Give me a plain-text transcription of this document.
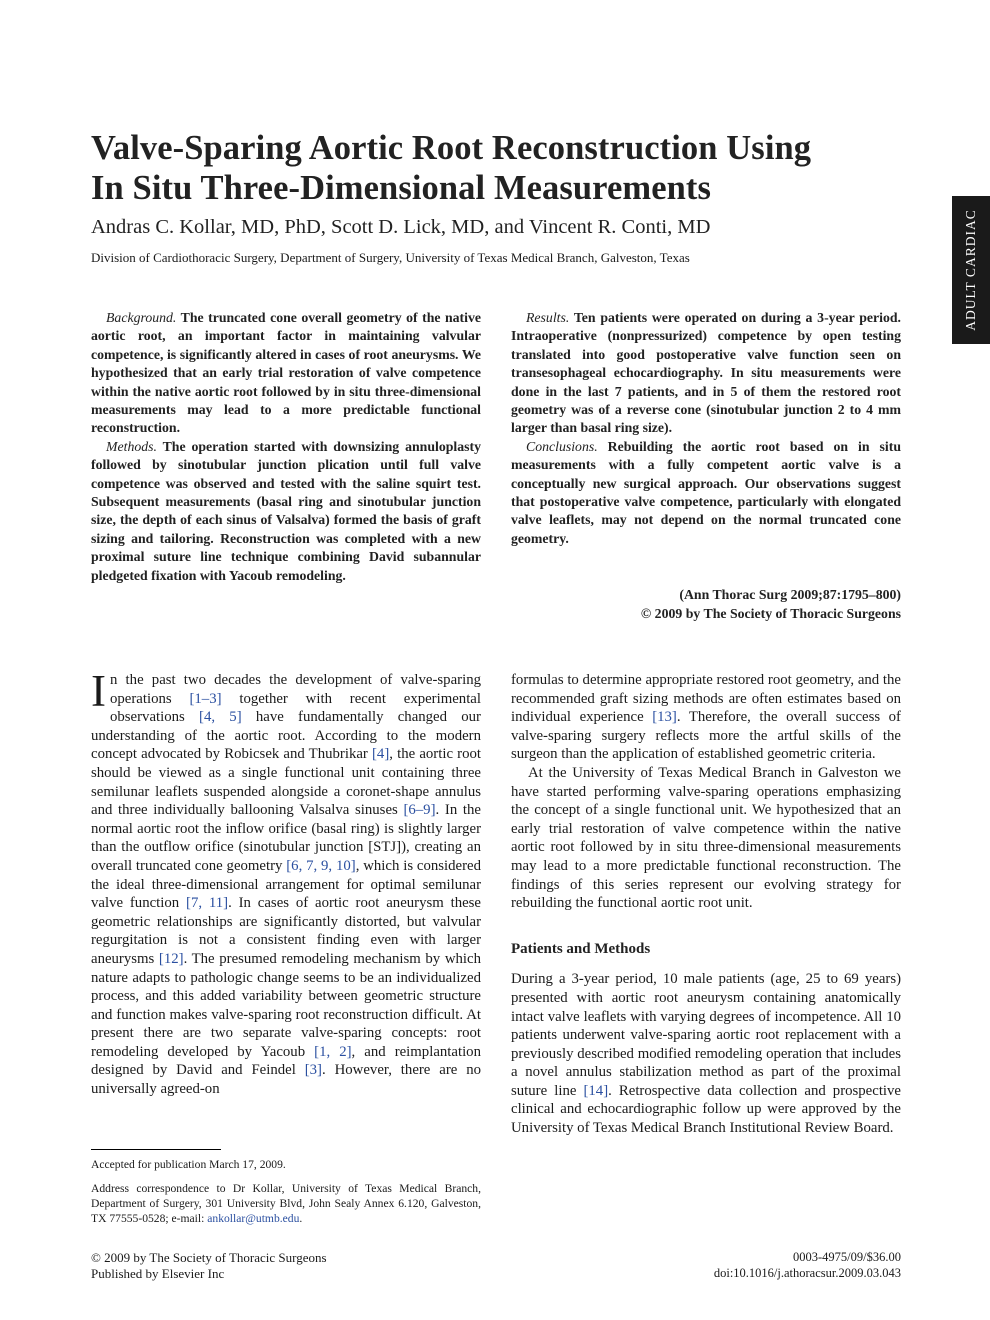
Valve-Sparing Aortic Root Reconstruction Using
In Situ Three-Dimensional Measurements
Andras C. Kollar, MD, PhD, Scott D. Lick, MD, and Vincent R. Conti, MD
Division of Cardiothoracic Surgery, Department of Surgery, University of Texas Medical Branch, Galveston, Texas	ADULT CARDIAC

Background. The truncated cone overall geometry of the native aortic root, an important factor in maintaining valvular competence, is significantly altered in cases of root aneurysms. We hypothesized that an early trial restoration of valve competence within the native aortic root followed by in situ three-dimensional measurements may lead to a more predictable functional reconstruction.

Methods. The operation started with downsizing annuloplasty followed by sinotubular junction plication until full valve competence was observed and tested with the saline squirt test. Subsequent measurements (basal ring and sinotubular junction size, the depth of each sinus of Valsalva) formed the basis of graft sizing and tailoring. Reconstruction was completed with a new proximal suture line technique combining David subannular pledgeted fixation with Yacoub remodeling.

Results. Ten patients were operated on during a 3-year period. Intraoperative (nonpressurized) competence by open testing translated into good postoperative valve function seen on transesophageal echocardiography. In situ measurements were done in the last 7 patients, and in 5 of them the restored root geometry was of a reverse cone (sinotubular junction 2 to 4 mm larger than basal ring size).

Conclusions. Rebuilding the aortic root based on in situ measurements with a fully competent aortic valve is a conceptually new surgical approach. Our observations suggest that postoperative valve competence, particularly with elongated valve leaflets, may not depend on the normal truncated cone geometry.

(Ann Thorac Surg 2009;87:1795–800)
© 2009 by The Society of Thoracic Surgeons

In the past two decades the development of valve-sparing operations [1–3] together with recent experimental observations [4, 5] have fundamentally changed our understanding of the aortic root. According to the modern concept advocated by Robicsek and Thubrikar [4], the aortic root should be viewed as a single functional unit containing three semilunar leaflets suspended alongside a coronet-shape annulus and three individually ballooning Valsalva sinuses [6–9]. In the normal aortic root the inflow orifice (basal ring) is slightly larger than the outflow orifice (sinotubular junction [STJ]), creating an overall truncated cone geometry [6, 7, 9, 10], which is considered the ideal three-dimensional arrangement for optimal semilunar valve function [7, 11]. In cases of aortic root aneurysm these geometric relationships are significantly distorted, but valvular regurgitation is not a consistent finding even with larger aneurysms [12]. The presumed remodeling mechanism by which nature adapts to pathologic change seems to be an individualized process, and this added variability between geometric structure and function makes valve-sparing root reconstruction difficult. At present there are two separate valve-sparing concepts: root remodeling developed by Yacoub [1, 2], and reimplantation designed by David and Feindel [3]. However, there are no universally agreed-on

formulas to determine appropriate restored root geometry, and the recommended graft sizing methods are often estimates based on individual experience [13]. Therefore, the overall success of valve-sparing surgery reflects more the artful skills of the surgeon than the application of established geometric criteria.

At the University of Texas Medical Branch in Galveston we have started performing valve-sparing operations emphasizing the concept of a single functional unit. We hypothesized that an early trial restoration of valve competence within the native aortic root followed by in situ three-dimensional measurements may lead to a more predictable functional reconstruction. The findings of this series represent our evolving strategy for rebuilding the functional aortic root unit.

Patients and Methods

During a 3-year period, 10 male patients (age, 25 to 69 years) presented with aortic root aneurysm containing anatomically intact valve leaflets with varying degrees of incompetence. All 10 patients underwent valve-sparing aortic root replacement with a previously described modified remodeling operation that includes a novel annulus stabilization method as part of the proximal suture line [14]. Retrospective data collection and prospective clinical and echocardiographic follow up were approved by the University of Texas Medical Branch Institutional Review Board.

Accepted for publication March 17, 2009.

Address correspondence to Dr Kollar, University of Texas Medical Branch, Department of Surgery, 301 University Blvd, John Sealy Annex 6.120, Galveston, TX 77555-0528; e-mail: ankollar@utmb.edu.

© 2009 by The Society of Thoracic Surgeons
Published by Elsevier Inc
0003-4975/09/$36.00
doi:10.1016/j.athoracsur.2009.03.043
